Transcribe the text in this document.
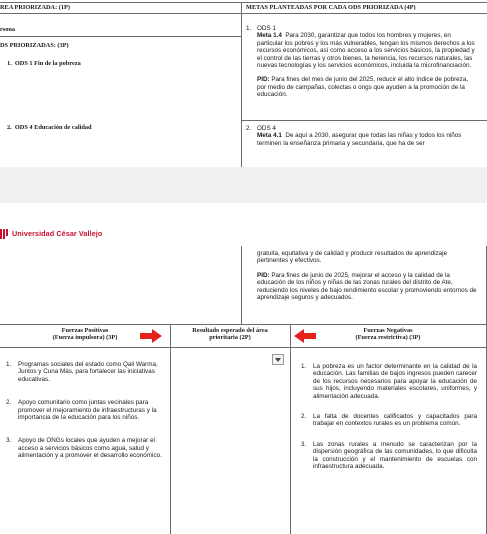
REA PRIORIZADA: (1P)	METAS PLANTEADAS POR CADA ODS PRIORIZADA (4P)
rsona
DS PRIORIZADAS: (3P)
1. ODS 1 Fin de la pobreza
2. ODS 4 Educación de calidad
1. ODS 1
Meta 1.4 Para 2030, garantizar que todos los hombres y mujeres, en particular los pobres y los más vulnerables, tengan los mismos derechos a los recursos económicos, así como acceso a los servicios básicos, la propiedad y el control de las tierras y otros bienes, la herencia, los recursos naturales, las nuevas tecnologías y los servicios económicos, incluida la microfinanciación.
PID: Para fines del mes de junio del 2025, reducir el alto índice de pobreza, por medio de campañas, colectas o ongs que ayuden a la promoción de la educación.
2. ODS 4
Meta 4.1 De aquí a 2030, asegurar que todas las niñas y todos los niños terminen la enseñanza primaria y secundaria, que ha de ser
Universidad César Vallejo
gratuita, equitativa y de calidad y producir resultados de aprendizaje pertinentes y efectivos.
PID: Para fines de junio de 2025, mejorar el acceso y la calidad de la educación de los niños y niñas de las zonas rurales del distrito de Ate, reduciendo los niveles de bajo rendimiento escolar y promoviendo entornos de aprendizaje seguros y adecuados.
Fuerzas Positivas
(Fuerza impulsora) (3P)
Resultado esperado del área
prioritaria (2P)
Fuerzas Negativas
(Fuerza restrictiva) (3P)
1. Programas sociales del estado como Qali Warma, Juntos y Cuna Más, para fortalecer las iniciativas educativas.
2. Apoyo comunitario como juntas vecinales para promover el mejoramiento de infraestructuras y la importancia de la educación para los niños.
3. Apoyo de ONGs locales que ayuden a mejorar el acceso a servicios básicos como agua, salud y alimentación y a promover el desarrollo económico.
1. La pobreza es un factor determinante en la calidad de la educación. Las familias de bajos ingresos pueden carecer de los recursos necesarios para apoyar la educación de sus hijos, incluyendo materiales escolares, uniformes, y alimentación adecuada.
2. La falta de docentes calificados y capacitados para trabajar en contextos rurales es un problema común.
3. Las zonas rurales a menudo se caracterizan por la dispersión geográfica de las comunidades, lo que dificulta la construcción y el mantenimiento de escuelas con infraestructura adecuada.
